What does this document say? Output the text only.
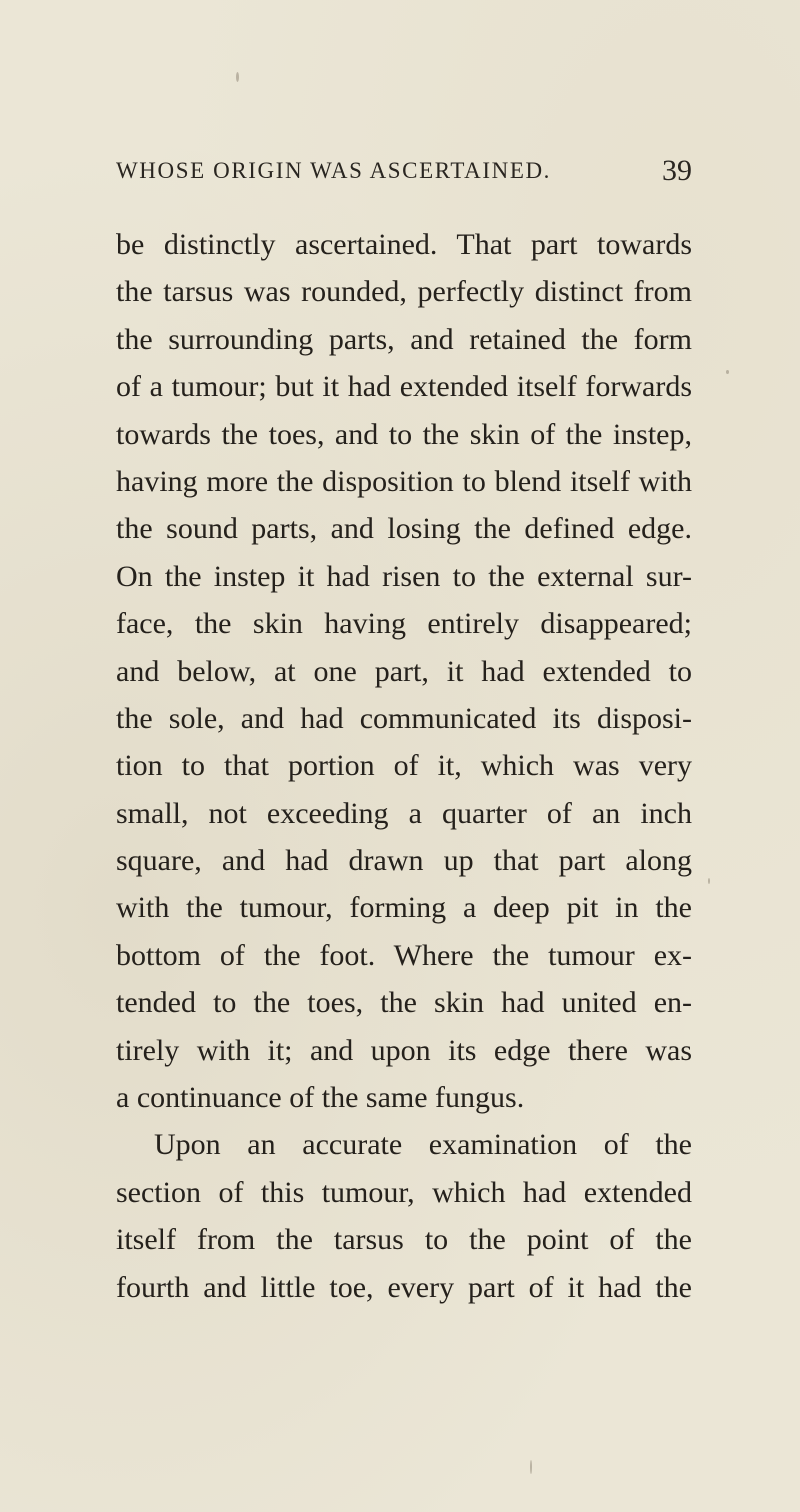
WHOSE ORIGIN WAS ASCERTAINED.	39
be distinctly ascertained. That part towards
the tarsus was rounded, perfectly distinct from
the surrounding parts, and retained the form
of a tumour; but it had extended itself forwards
towards the toes, and to the skin of the instep,
having more the disposition to blend itself with
the sound parts, and losing the defined edge.
On the instep it had risen to the external sur-
face, the skin having entirely disappeared;
and below, at one part, it had extended to
the sole, and had communicated its disposi-
tion to that portion of it, which was very
small, not exceeding a quarter of an inch
square, and had drawn up that part along
with the tumour, forming a deep pit in the
bottom of the foot. Where the tumour ex-
tended to the toes, the skin had united en-
tirely with it; and upon its edge there was
a continuance of the same fungus.
Upon an accurate examination of the
section of this tumour, which had extended
itself from the tarsus to the point of the
fourth and little toe, every part of it had the
